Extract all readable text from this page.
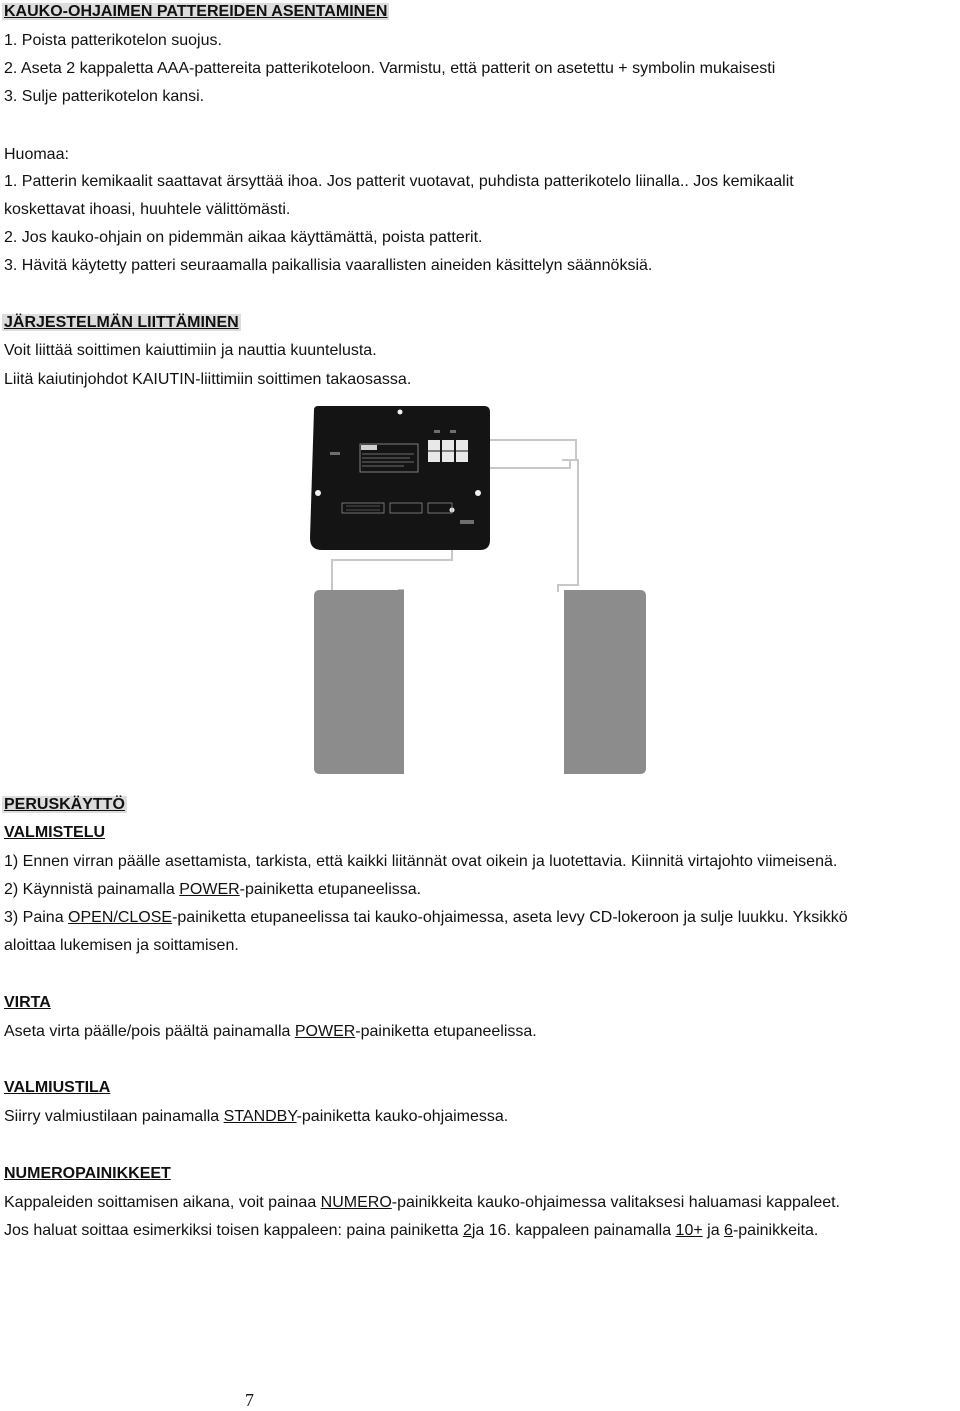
KAUKO-OHJAIMEN PATTEREIDEN ASENTAMINEN
1. Poista patterikotelon suojus.
2. Aseta 2 kappaletta AAA-pattereita patterikoteloon. Varmistu, että patterit on asetettu + symbolin mukaisesti
3. Sulje patterikotelon kansi.
Huomaa:
1. Patterin kemikaalit saattavat ärsyttää ihoa. Jos patterit vuotavat, puhdista patterikotelo liinalla.. Jos kemikaalit
koskettavat ihoasi, huuhtele välittömästi.
2. Jos kauko-ohjain on pidemmän aikaa käyttämättä, poista patterit.
3. Hävitä käytetty patteri seuraamalla paikallisia vaarallisten aineiden käsittelyn säännöksiä.
JÄRJESTELMÄN LIITTÄMINEN
Voit liittää soittimen kaiuttimiin ja nauttia kuuntelusta.
Liitä kaiutinjohdot KAIUTIN-liittimiin soittimen takaosassa.
PERUSKÄYTTÖ
VALMISTELU
1) Ennen virran päälle asettamista, tarkista, että kaikki liitännät ovat oikein ja luotettavia. Kiinnitä virtajohto viimeisenä.
2) Käynnistä painamalla POWER-painiketta etupaneelissa.
3) Paina OPEN/CLOSE-painiketta etupaneelissa tai kauko-ohjaimessa, aseta levy CD-lokeroon ja sulje luukku. Yksikkö
aloittaa lukemisen ja soittamisen.
VIRTA
Aseta virta päälle/pois päältä painamalla POWER-painiketta etupaneelissa.
VALMIUSTILA
Siirry valmiustilaan painamalla STANDBY-painiketta kauko-ohjaimessa.
NUMEROPAINIKKEET
Kappaleiden soittamisen aikana, voit painaa NUMERO-painikkeita kauko-ohjaimessa valitaksesi haluamasi kappaleet.
Jos haluat soittaa esimerkiksi toisen kappaleen: paina painiketta 2ja 16. kappaleen painamalla 10+ ja 6-painikkeita.
7
